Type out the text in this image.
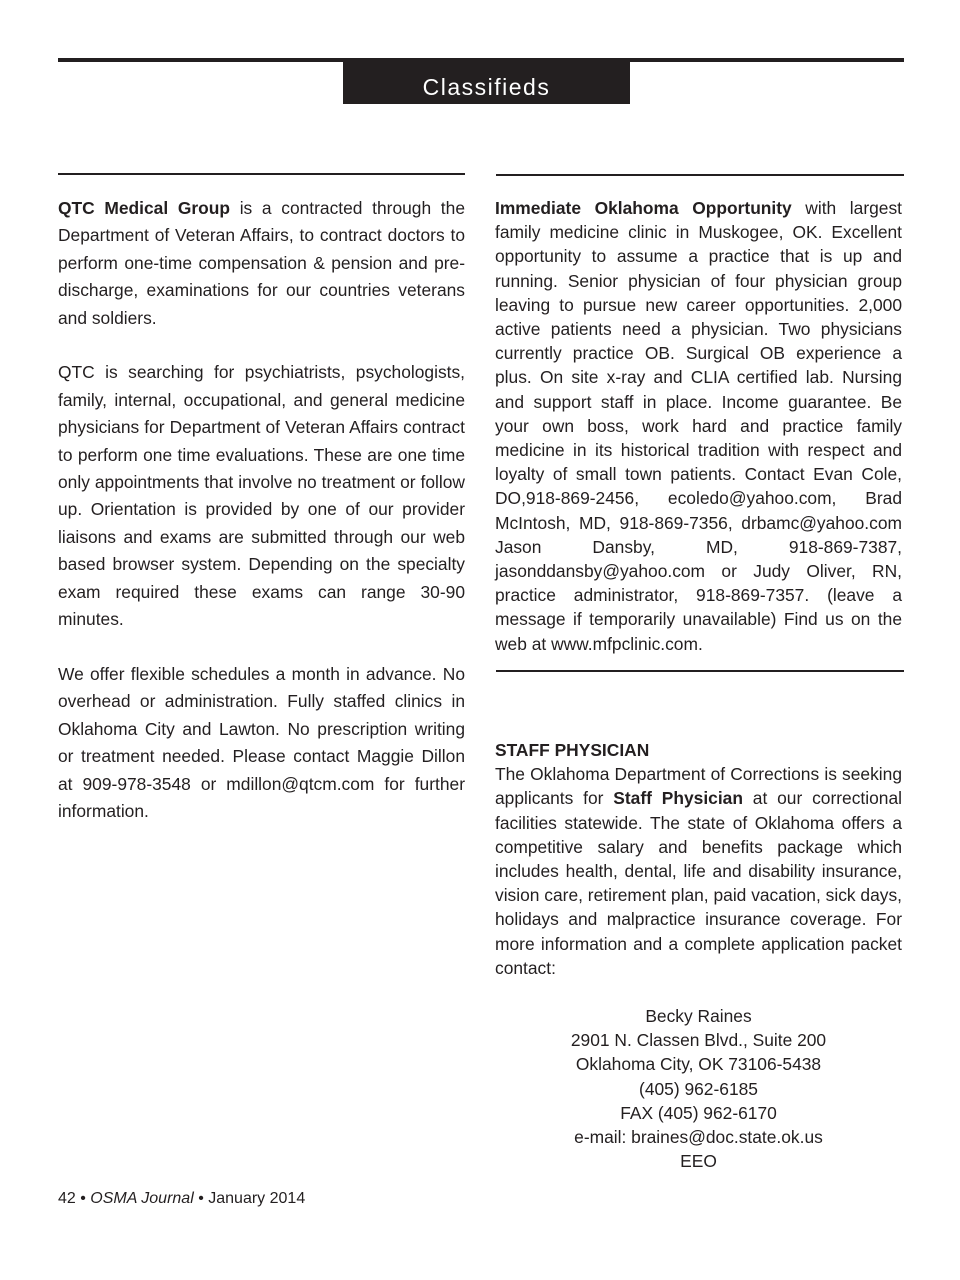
Classifieds

QTC Medical Group is a contracted through the Department of Veteran Affairs, to contract doctors to perform one-time compensation & pension and pre-discharge, examinations for our countries veterans and soldiers.

QTC is searching for psychiatrists, psychologists, family, internal, occupational, and general medicine physicians for Department of Veteran Affairs contract to perform one time evaluations. These are one time only appointments that involve no treatment or follow up. Orientation is provided by one of our provider liaisons and exams are submitted through our web based browser system. Depending on the specialty exam required these exams can range 30-90 minutes.

We offer flexible schedules a month in advance. No overhead or administration. Fully staffed clinics in Oklahoma City and Lawton. No prescription writing or treatment needed. Please contact Maggie Dillon at 909-978-3548 or mdillon@qtcm.com for further information.

Immediate Oklahoma Opportunity with largest family medicine clinic in Muskogee, OK. Excellent opportunity to assume a practice that is up and running. Senior physician of four physician group leaving to pursue new career opportunities. 2,000 active patients need a physician. Two physicians currently practice OB. Surgical OB experience a plus. On site x-ray and CLIA certified lab. Nursing and support staff in place. Income guarantee. Be your own boss, work hard and practice family medicine in its historical tradition with respect and loyalty of small town patients. Contact Evan Cole, DO,918-869-2456, ecoledo@yahoo.com, Brad McIntosh, MD, 918-869-7356, drbamc@yahoo.com Jason Dansby, MD, 918-869-7387, jasonddansby@yahoo.com or Judy Oliver, RN, practice administrator, 918-869-7357. (leave a message if temporarily unavailable) Find us on the web at www.mfpclinic.com.

STAFF PHYSICIAN

The Oklahoma Department of Corrections is seeking applicants for Staff Physician at our correctional facilities statewide. The state of Oklahoma offers a competitive salary and benefits package which includes health, dental, life and disability insurance, vision care, retirement plan, paid vacation, sick days, holidays and malpractice insurance coverage. For more information and a complete application packet contact:

Becky Raines
2901 N. Classen Blvd., Suite 200
Oklahoma City, OK 73106-5438
(405) 962-6185
FAX (405) 962-6170
e-mail: braines@doc.state.ok.us
EEO
42 • OSMA Journal • January 2014
